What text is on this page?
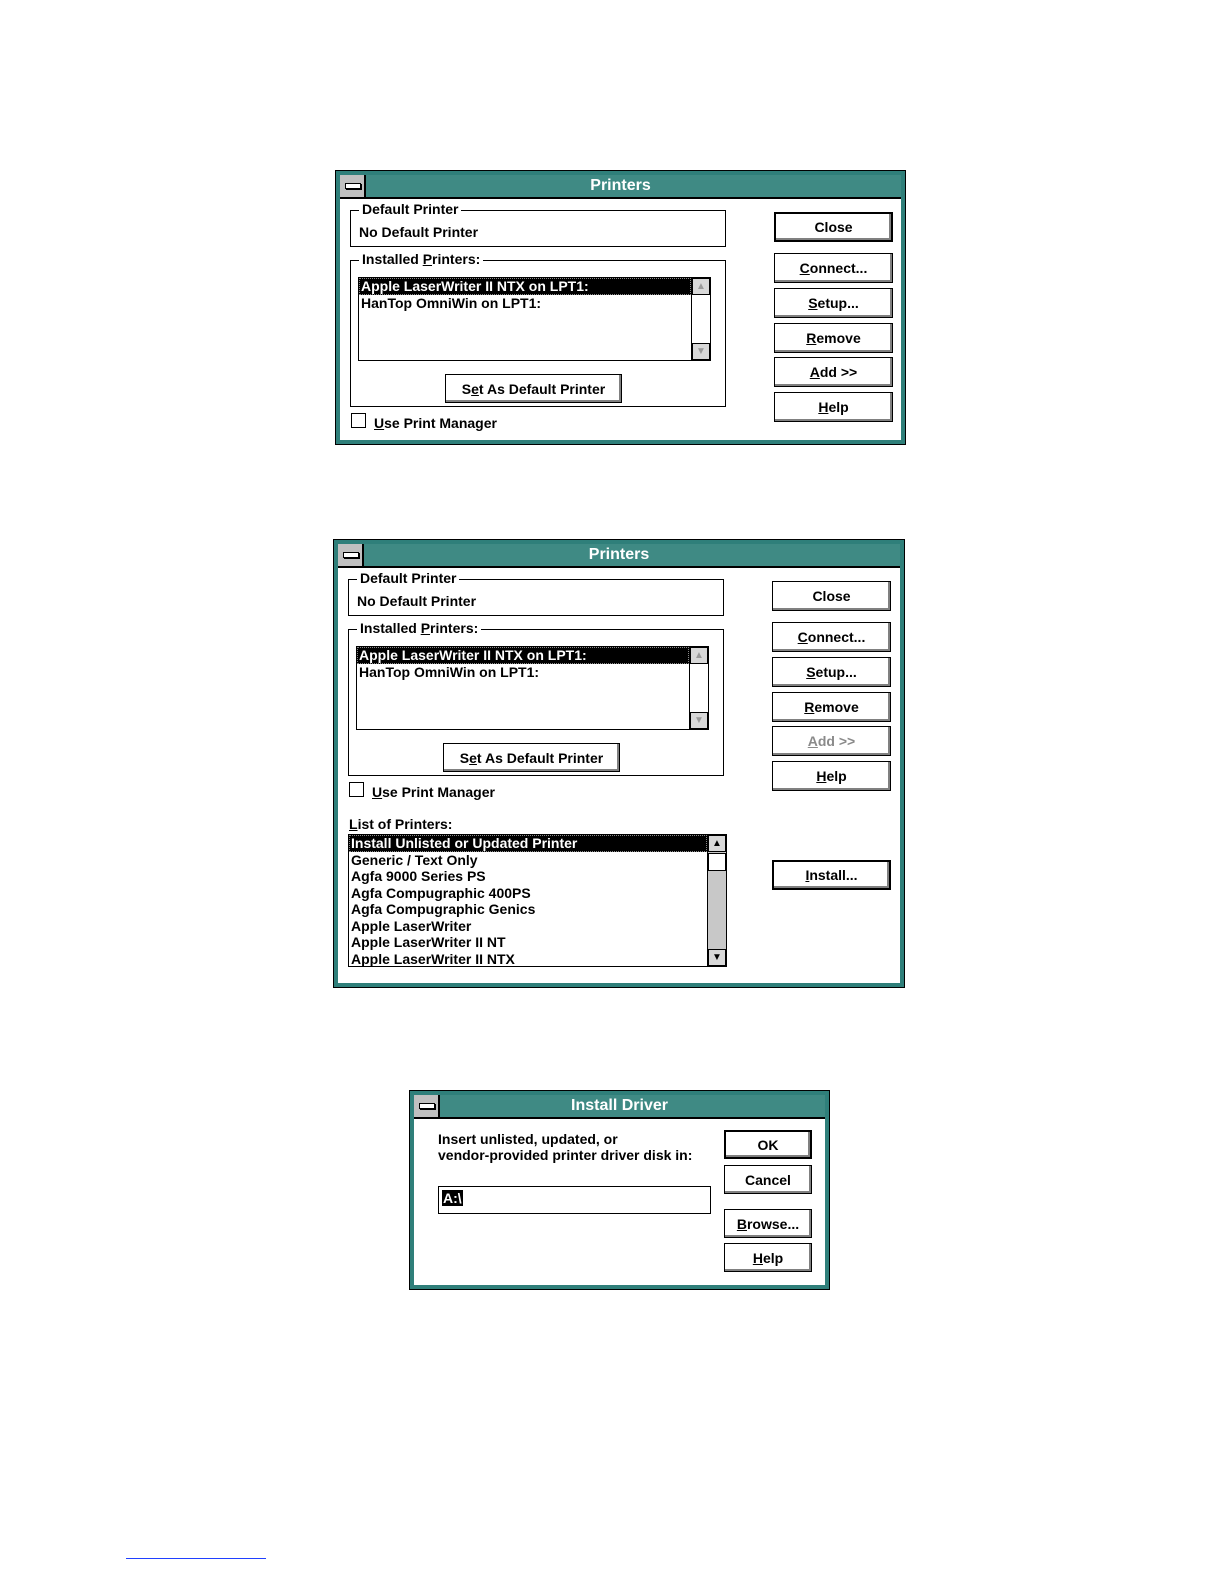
Printers
Default Printer
No Default Printer
Installed Printers:
Apple LaserWriter II NTX on LPT1:
HanTop OmniWin on LPT1:
▲
▼
S e t As Default Printer
Use Print Manager
Close
C onnect...
S etup...
R emove
A dd >>
H elp
Printers
Default Printer
No Default Printer
Installed Printers:
Apple LaserWriter II NTX on LPT1:
HanTop OmniWin on LPT1:
▲
▼
S e t As Default Printer
Use Print Manager
List of Printers:
Install Unlisted or Updated Printer
Generic / Text Only
Agfa 9000 Series PS
Agfa Compugraphic 400PS
Agfa Compugraphic Genics
Apple LaserWriter
Apple LaserWriter II NT
Apple LaserWriter II NTX
▲
▼
Close
C onnect...
S etup...
R emove
A dd >>
H elp
I nstall...
Install Driver
Insert unlisted, updated, or
vendor-provided printer driver disk in:
A:\
OK
Cancel
B rowse...
H elp
